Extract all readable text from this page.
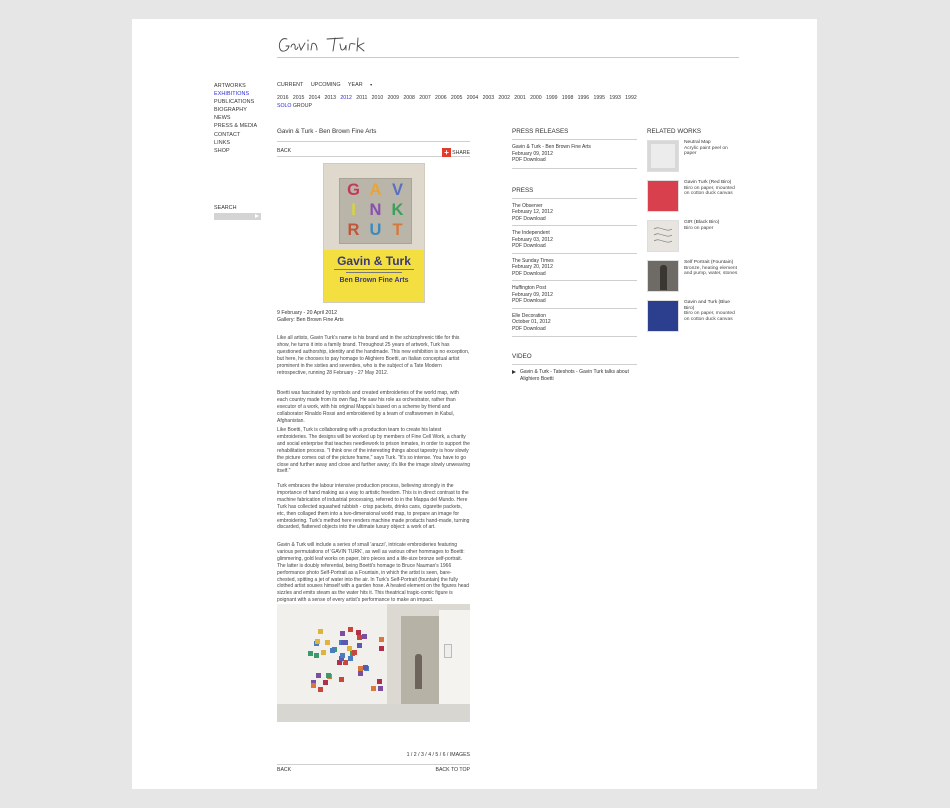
ARTWORKS
EXHIBITIONS
PUBLICATIONS
BIOGRAPHY
NEWS
PRESS & MEDIA
CONTACT
LINKS
SHOP
SEARCH
CURRENT UPCOMING YEAR ▾
2016 2015 2014 2013 2012 2011 2010 2009 2008 2007 2006 2005 2004 2003 2002 2001 2000 1999 1998 1996 1995 1993 1992
SOLO GROUP
Gavin & Turk - Ben Brown Fine Arts
BACK	+ SHARE
G A VI N KR U T
Gavin & Turk
Ben Brown Fine Arts
9 February - 20 April 2012
Gallery: Ben Brown Fine Arts
Like all artists, Gavin Turk's name is his brand and in the schizophrenic title for this show, he turns it into a family brand. Throughout 25 years of artwork, Turk has questioned authorship, identity and the handmade. This new exhibition is no exception, but here, he chooses to pay homage to Alighiero Boetti, an Italian conceptual artist prominent in the sixties and seventies, who is the subject of a Tate Modern retrospective, running 28 February - 27 May 2012.
Boetti was fascinated by symbols and created embroideries of the world map, with each country made from its own flag. He saw his role as orchestrator, rather than executor of a work, with his original Mappa's based on a scheme by friend and collaborator Rinaldo Rossi and embroidered by a team of craftswomen in Kabul, Afghanistan.
Like Boetti, Turk is collaborating with a production team to create his latest embroideries. The designs will be worked up by members of Fine Cell Work, a charity and social enterprise that teaches needlework to prison inmates, in order to support the rehabilitation process. "I think one of the interesting things about tapestry is how slowly the picture comes out of the picture frame," says Turk. "It's so intense. You have to go close and further away and close and further away; it's like the image slowly unweaving itself."
Turk embraces the labour intensive production process, believing strongly in the importance of hand making as a way to artistic freedom. This is in direct contrast to the machine fabrication of industrial processing, referred to in the Mappa del Mundo. Here Turk has collected squashed rubbish - crisp packets, drinks cans, cigarette packets, etc, then collaged them into a two-dimensional world map, to prepare an image for embroidering. Turk's method here renders machine made products hand-made, turning discarded, flattened objects into the ultimate luxury object: a work of art.
Gavin & Turk will include a series of small 'arazzi', intricate embroideries featuring various permutations of 'GAVIN TURK', as well as various other hommages to Boetti: glimmering, gold leaf works on paper, biro pieces and a life-size bronze self-portrait. The latter is doubly referential, being Boetti's homage to Bruce Nauman's 1966 performance photo Self-Portrait as a Fountain, in which the artist is seen, bare-chested, spitting a jet of water into the air. In Turk's Self-Portrait (fountain) the fully clothed artist souses himself with a garden hose. A heated element on the figures head sizzles and emits steam as the water hits it. This theatrical tragic-comic figure is poignant with a sense of every artist's performance to make an impact.
1 / 2 / 3 / 4 / 5 / 6 / IMAGES
BACK	BACK TO TOP
PRESS RELEASES
Gavin & Turk - Ben Brown Fine Arts
February 09, 2012
PDF Download
PRESS
The Observer
February 12, 2012
PDF Download
The Independent
February 03, 2012
PDF Download
The Sunday Times
February 20, 2012
PDF Download
Huffington Post
February 09, 2012
PDF Download
Elle Decoration
October 01, 2012
PDF Download
VIDEO
Gavin & Turk - Tateshots - Gavin Turk talks about Alighiero Boetti
RELATED WORKS
Neutral Map
Acrylic paint peel on paper
Gavin Turk (Red Biro)
Biro on paper, mounted on cotton duck canvas
GIR (Black Biro)
Biro on paper
Self Portrait (Fountain)
Bronze, heating element and pump, water, stones
Gavin and Turk (Blue Biro)
Biro on paper, mounted on cotton duck canvas
